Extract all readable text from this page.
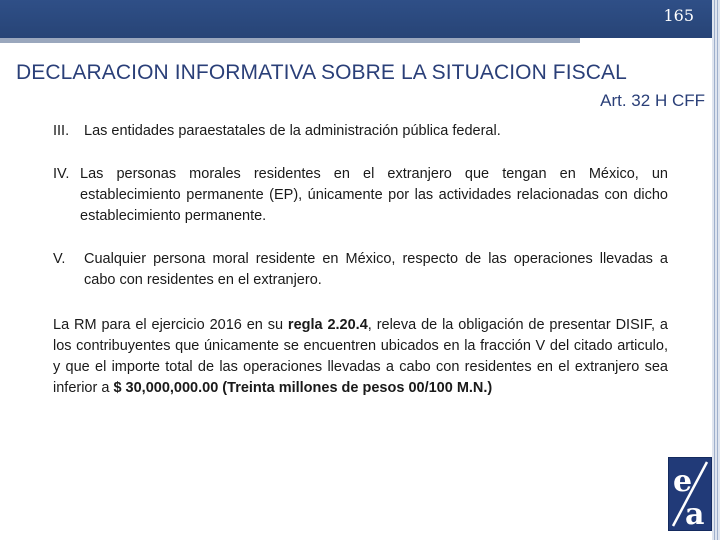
165
DECLARACION INFORMATIVA SOBRE LA SITUACION FISCAL
Art. 32 H CFF
III.	Las entidades paraestatales de la administración pública federal.
IV. Las personas morales residentes en el extranjero que tengan en México, un establecimiento permanente (EP), únicamente por las actividades relacionadas con dicho establecimiento permanente.
V.	Cualquier persona moral residente en México, respecto de las operaciones llevadas a cabo con residentes en el extranjero.
La RM para el ejercicio 2016 en su regla 2.20.4, releva de la obligación de presentar DISIF, a los contribuyentes que únicamente se encuentren ubicados en la fracción V del citado articulo, y que el importe total de las operaciones llevadas a cabo con residentes en el extranjero sea inferior a $ 30,000,000.00 (Treinta millones de pesos 00/100 M.N.)
e
a
